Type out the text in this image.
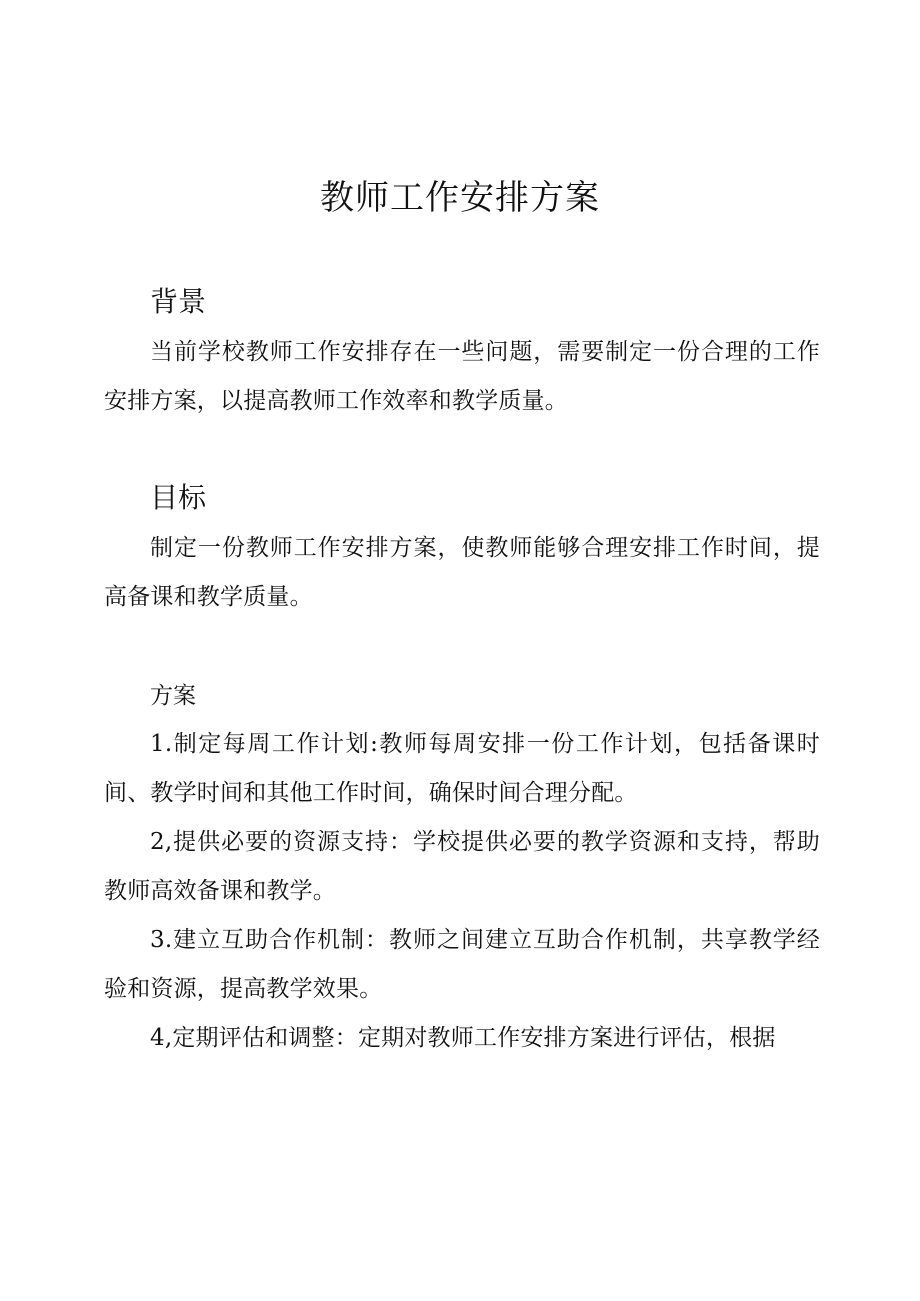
教师工作安排方案
背景

当前学校教师工作安排存在一些问题，需要制定一份合理的工作安排方案，以提高教师工作效率和教学质量。

目标

制定一份教师工作安排方案，使教师能够合理安排工作时间，提高备课和教学质量。

方案

1.制定每周工作计划:教师每周安排一份工作计划，包括备课时间、教学时间和其他工作时间，确保时间合理分配。

2,提供必要的资源支持：学校提供必要的教学资源和支持，帮助教师高效备课和教学。

3.建立互助合作机制：教师之间建立互助合作机制，共享教学经验和资源，提高教学效果。

4,定期评估和调整：定期对教师工作安排方案进行评估，根据
